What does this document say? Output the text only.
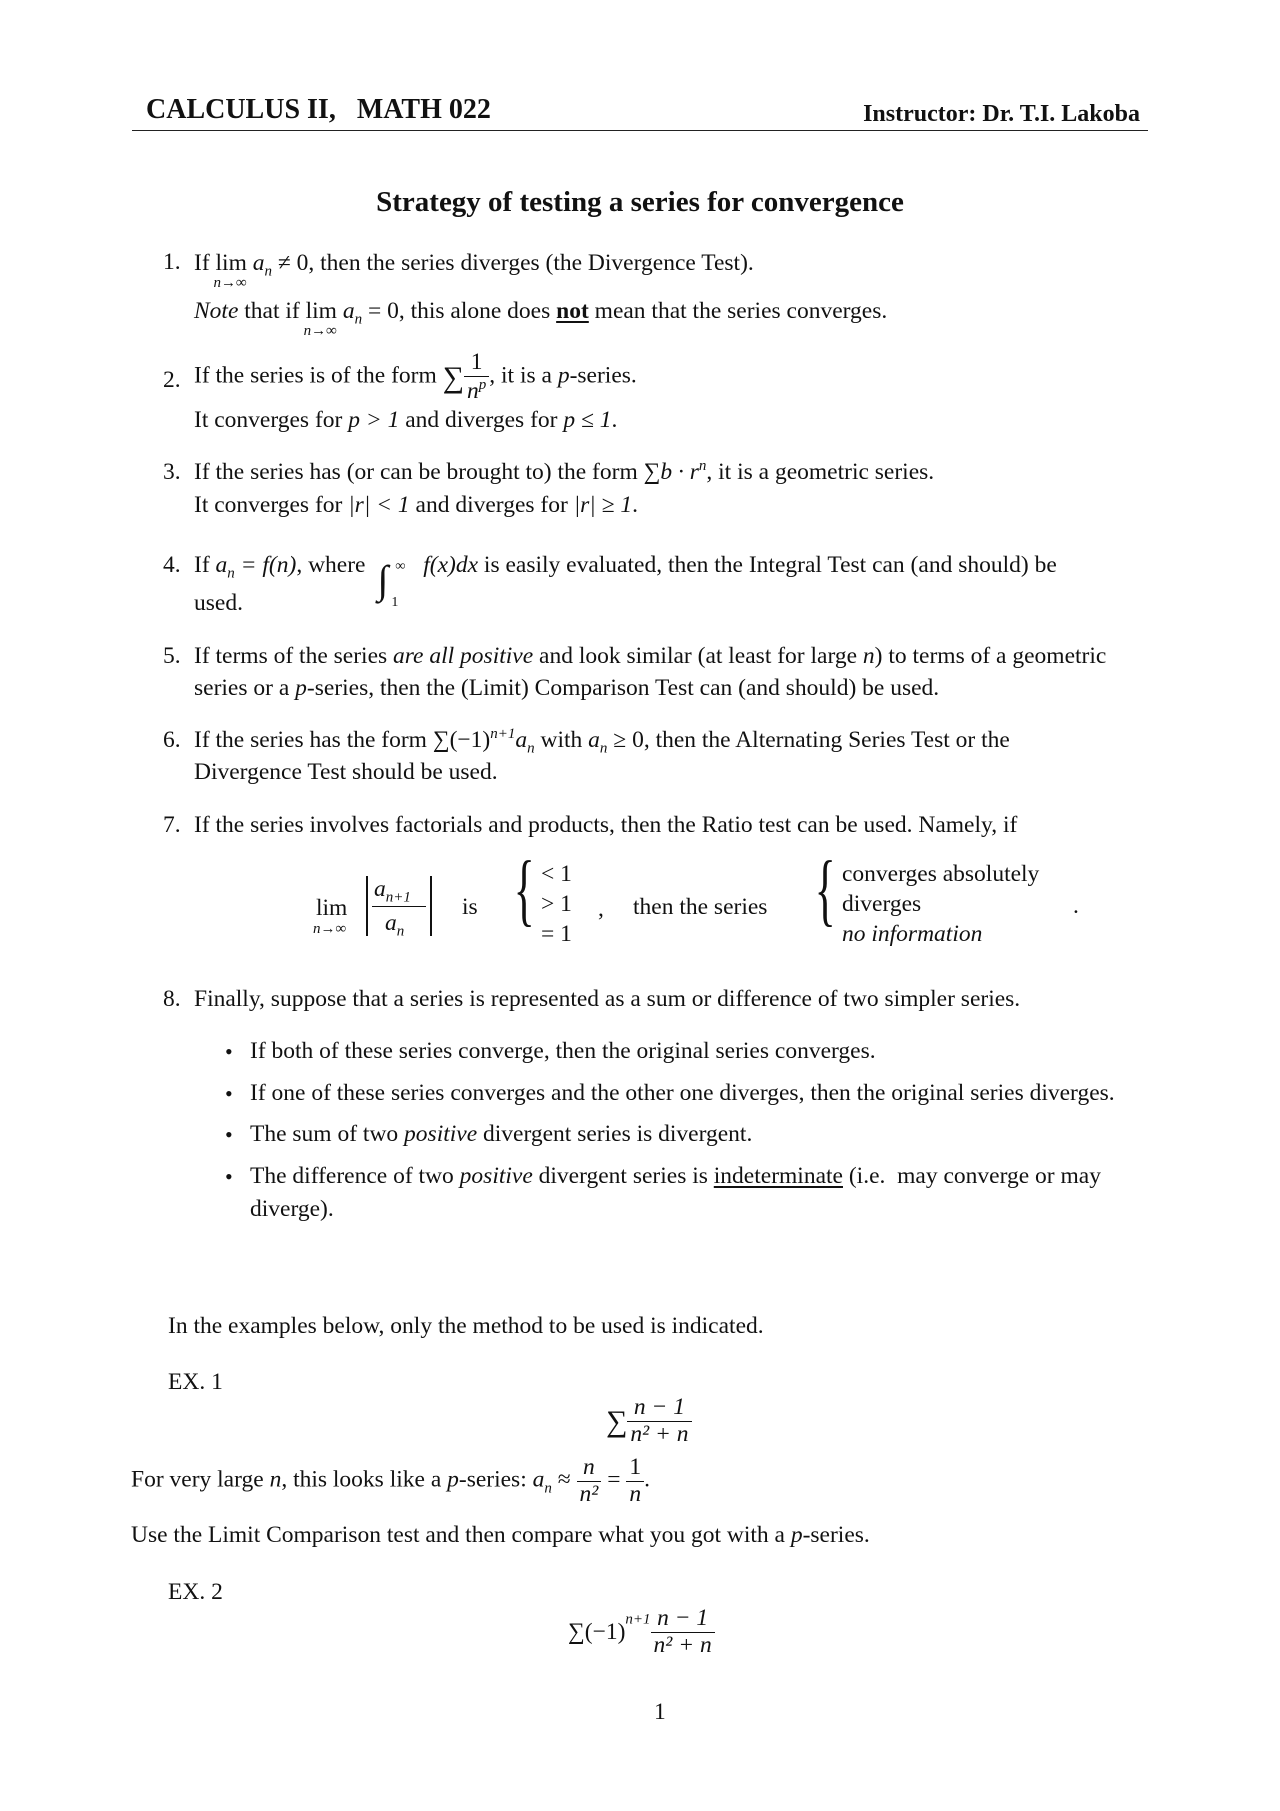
CALCULUS II,   MATH 022	Instructor: Dr. T.I. Lakoba
Strategy of testing a series for convergence
1. If lim
n→∞
$a_n \ne 0$, then the series diverges (the Divergence Test).
Note that if lim
n→∞
$a_n = 0$, this alone does not mean that the series converges.
2. If the series is of the form ∑ $\frac{1}{n^p}$ , it is a p-series.
It converges for p > 1 and diverges for p ≤ 1.
3. If the series has (or can be brought to) the form $\sum b \cdot r^n$, it is a geometric series.
It converges for |r| < 1 and diverges for |r| ≥ 1.
4. If $a_n = f(n)$, where ∫ ∞
1
f(x)dx is easily evaluated, then the Integral Test can (and should) be
used.
5. If terms of the series are all positive and look similar (at least for large n) to terms of a geometric
series or a p-series, then the (Limit) Comparison Test can (and should) be used.
6. If the series has the form $\sum(-1)^{n+1}a_n$ with $a_n \ge 0$, then the Alternating Series Test or the
Divergence Test should be used.
7. If the series involves factorials and products, then the Ratio test can be used. Namely, if
lim
n→∞
$a_{n+1}$
$a_n$
is { < 1
> 1
= 1
, then the series { converges absolutely
diverges
no information
.
8. Finally, suppose that a series is represented as a sum or difference of two simpler series.
• If both of these series converge, then the original series converges.
• If one of these series converges and the other one diverges, then the original series diverges.
• The sum of two positive divergent series is divergent.
• The difference of two positive divergent series is indeterminate (i.e.  may converge or may
diverge).
In the examples below, only the method to be used is indicated.
EX. 1
∑ $\frac{n - 1}{\text{n² + n}}$
For very large n, this looks like a p-series: $a_n \approx \frac{n}{\text{n²}} = \frac{1}{n}$ .
Use the Limit Comparison test and then compare what you got with a p-series.
EX. 2
$\sum(-1)^{n+1} \frac{n - 1}{\text{n² + n}}$
1
